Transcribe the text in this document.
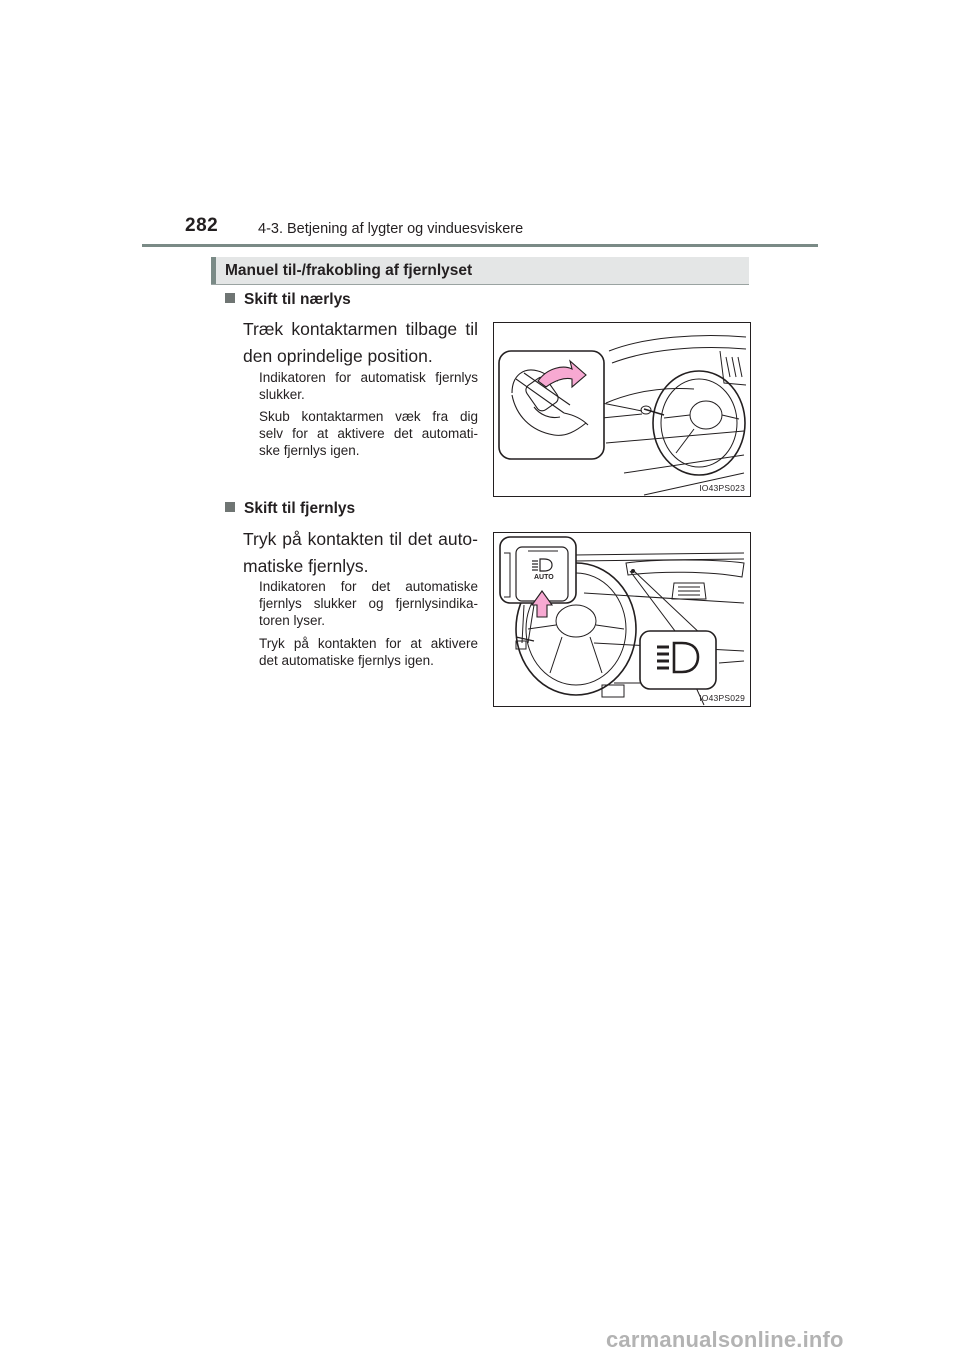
282	4-3. Betjening af lygter og vinduesviskere
Manuel til-/frakobling af fjernlyset
Skift til nærlys
Træk kontaktarmen tilbage til
den oprindelige position.
Indikatoren for automatisk fjernlys
slukker.
Skub kontaktarmen væk fra dig
selv for at aktivere det automati-
ske fjernlys igen.
IO43PS023
Skift til fjernlys
Tryk på kontakten til det auto-
matiske fjernlys.
Indikatoren for det automatiske
fjernlys slukker og fjernlysindika-
toren lyser.
Tryk på kontakten for at aktivere
det automatiske fjernlys igen.
AUTO
IO43PS029
carmanualsonline.info
